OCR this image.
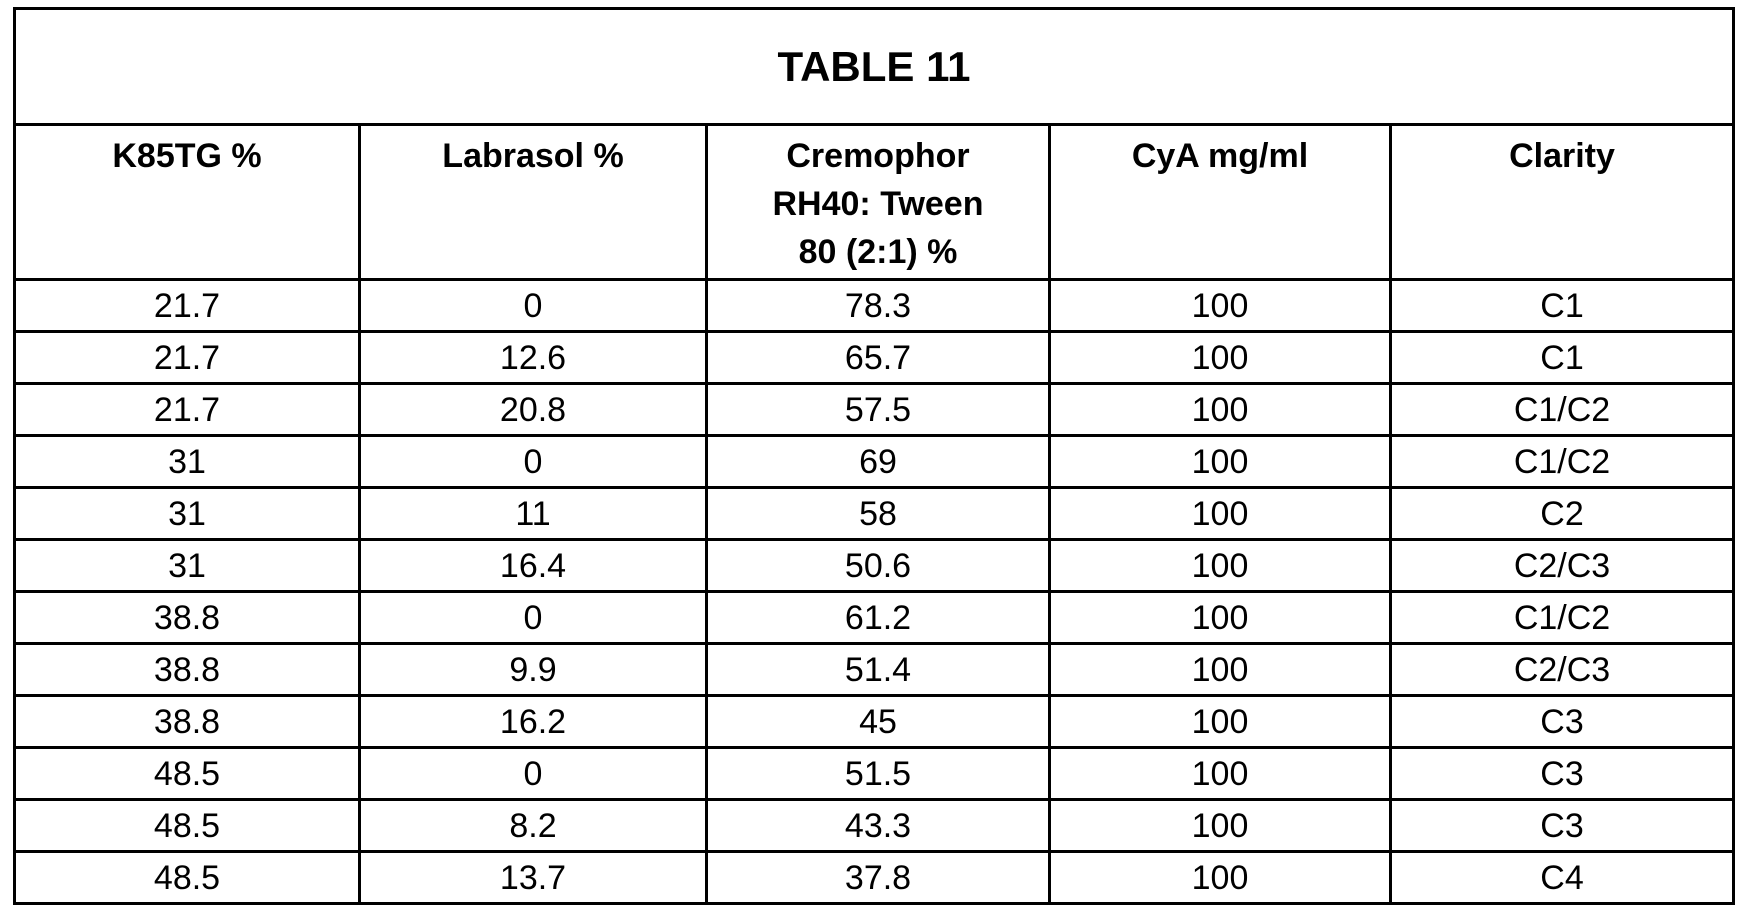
TABLE 11
K85TG %	Labrasol %	Cremophor RH40: Tween 80 (2:1) %	CyA mg/ml	Clarity
21.7	0	78.3	100	C1
21.7	12.6	65.7	100	C1
21.7	20.8	57.5	100	C1/C2
31	0	69	100	C1/C2
31	11	58	100	C2
31	16.4	50.6	100	C2/C3
38.8	0	61.2	100	C1/C2
38.8	9.9	51.4	100	C2/C3
38.8	16.2	45	100	C3
48.5	0	51.5	100	C3
48.5	8.2	43.3	100	C3
48.5	13.7	37.8	100	C4
